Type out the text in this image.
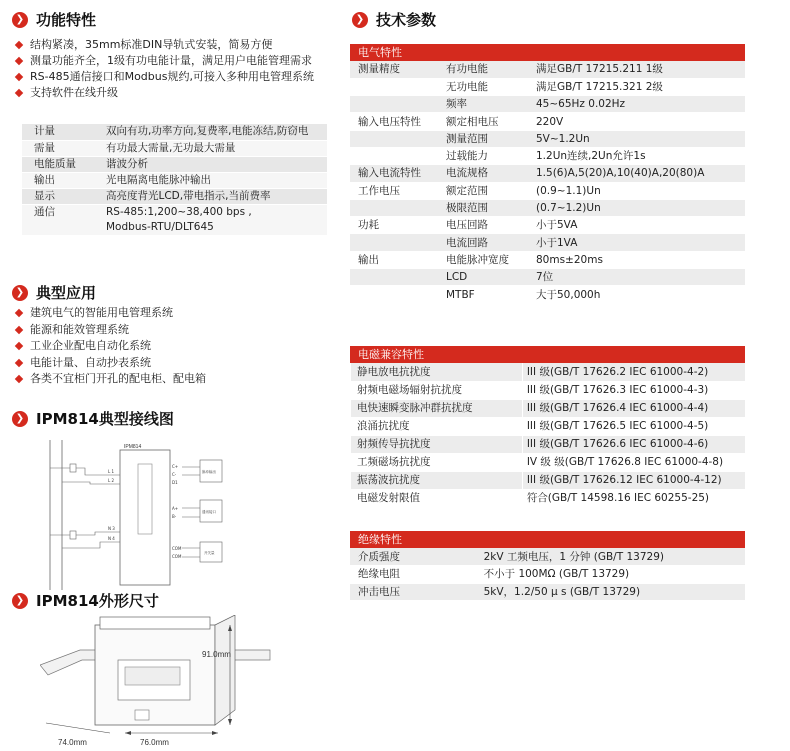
❯ 功能特性
结构紧凑，35mm标准DIN导轨式安装，简易方便
测量功能齐全，1级有功电能计量，满足用户电能管理需求
RS-485通信接口和Modbus规约,可接入多种用电管理系统
支持软件在线升级
计量	双向有功,功率方向,复费率,电能冻结,防窃电
需量	有功最大需量,无功最大需量
电能质量	谐波分析
输出	光电隔离电能脉冲输出
显示	高亮度背光LCD,带电指示,当前费率
通信	RS-485:1,200~38,400 bps ,
Modbus-RTU/DLT645
❯ 典型应用
建筑电气的智能用电管理系统
能源和能效管理系统
工业企业配电自动化系统
电能计量、自动抄表系统
各类不宜柜门开孔的配电柜、配电箱
❯ IPM814典型接线图
IPM814
L 1
L 2
N 3
N 4
C+
C-
D1
A+
B-
COM
COM
脉冲输出
通讯接口
开关量
❯ IPM814外形尺寸
91.0mm
76.0mm
74.0mm
❯ 技术参数
电气特性
测量精度	有功电能	满足GB/T 17215.211 1级
	无功电能	满足GB/T 17215.321 2级
	频率	45~65Hz 0.02Hz
输入电压特性	额定相电压	220V
	测量范围	5V~1.2Un
	过载能力	1.2Un连续,2Un允许1s
输入电流特性	电流规格	1.5(6)A,5(20)A,10(40)A,20(80)A
工作电压	额定范围	(0.9~1.1)Un
	极限范围	(0.7~1.2)Un
功耗	电压回路	小于5VA
	电流回路	小于1VA
输出	电能脉冲宽度	80ms±20ms
	LCD	7位
	MTBF	大于50,000h
电磁兼容特性
静电放电抗扰度	III 级(GB/T 17626.2 IEC 61000-4-2)
射频电磁场辐射抗扰度	III 级(GB/T 17626.3 IEC 61000-4-3)
电快速瞬变脉冲群抗扰度	III 级(GB/T 17626.4 IEC 61000-4-4)
浪涌抗扰度	III 级(GB/T 17626.5 IEC 61000-4-5)
射频传导抗扰度	III 级(GB/T 17626.6 IEC 61000-4-6)
工频磁场抗扰度	IV 级 级(GB/T 17626.8 IEC 61000-4-8)
振荡波抗扰度	III 级(GB/T 17626.12 IEC 61000-4-12)
电磁发射限值	符合(GB/T 14598.16 IEC 60255-25)
绝缘特性
介质强度	2kV 工频电压，1 分钟 (GB/T 13729)
绝缘电阻	不小于 100MΩ (GB/T 13729)
冲击电压	5kV，1.2/50 μ s (GB/T 13729)
